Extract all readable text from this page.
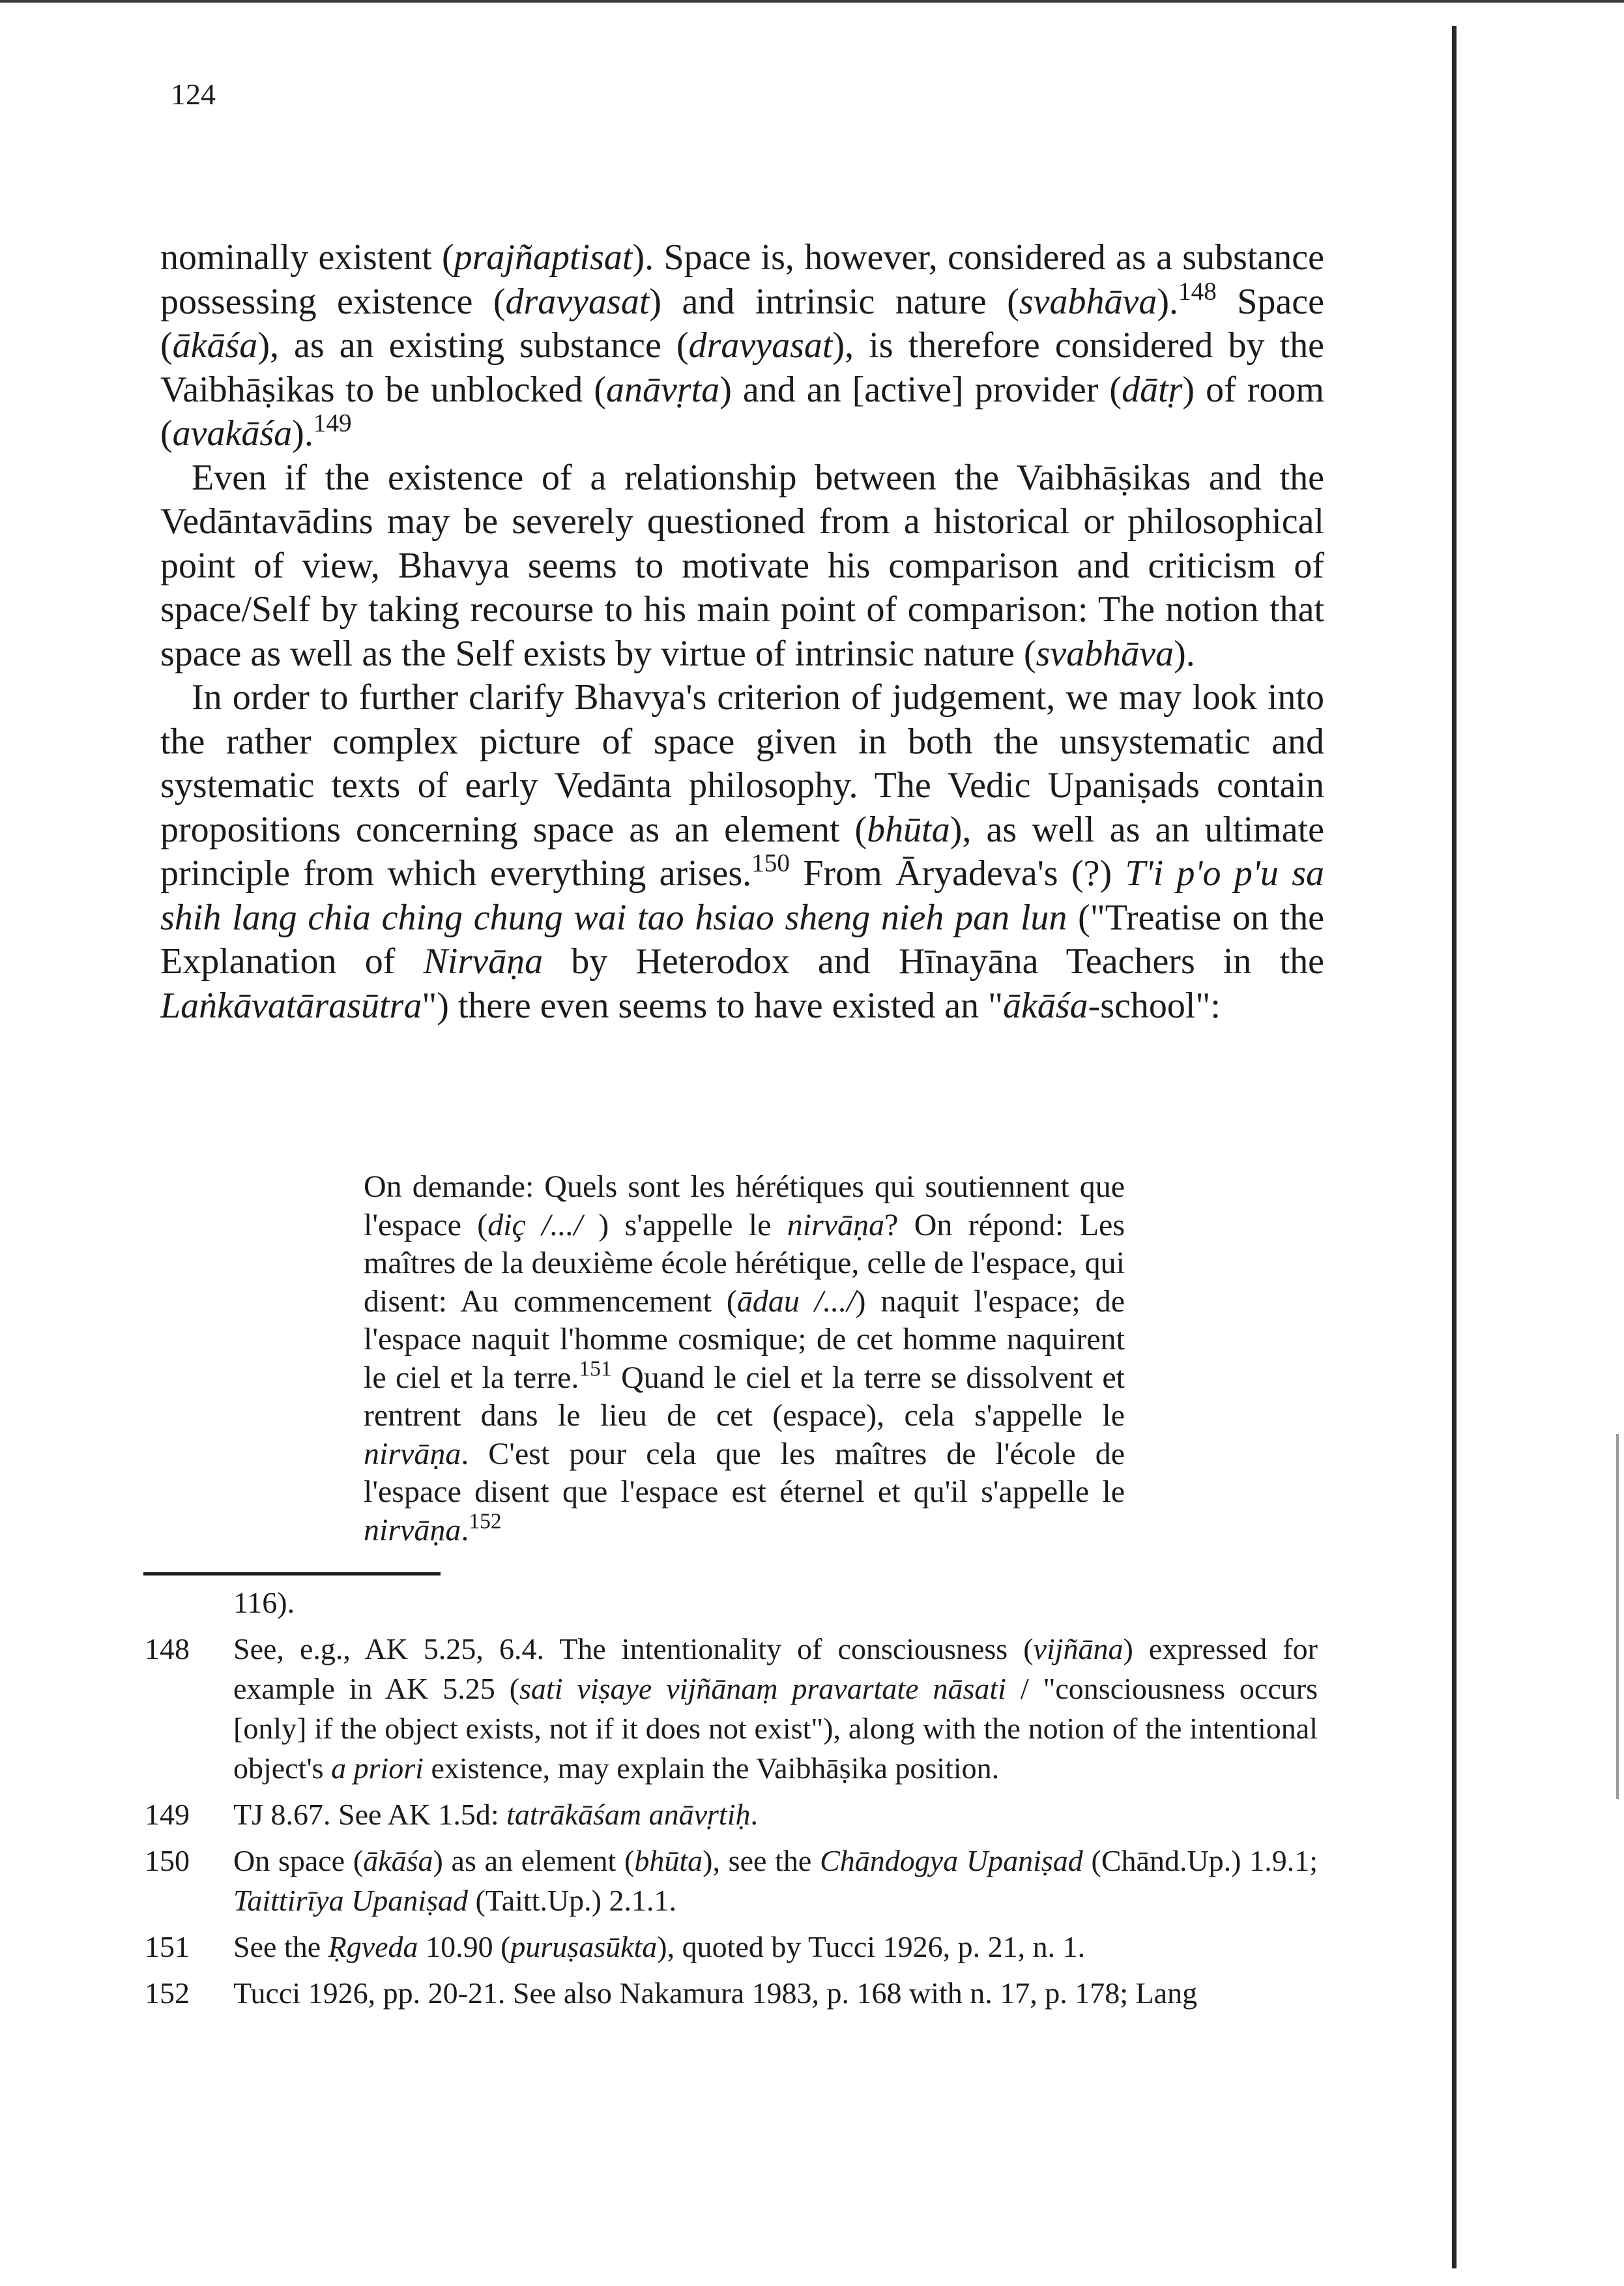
124

nominally existent (prajñaptisat). Space is, however, considered as a substance possessing existence (dravyasat) and intrinsic nature (svabhāva).$^{148}$ Space (ākāśa), as an existing substance (dravyasat), is therefore considered by the Vaibhāṣikas to be unblocked (anāvṛta) and an [active] provider (dātṛ) of room (avakāśa).$^{149}$

Even if the existence of a relationship between the Vaibhāṣikas and the Vedāntavādins may be severely questioned from a historical or philosophical point of view, Bhavya seems to motivate his comparison and criticism of space/Self by taking recourse to his main point of comparison: The notion that space as well as the Self exists by virtue of intrinsic nature (svabhāva).

In order to further clarify Bhavya's criterion of judgement, we may look into the rather complex picture of space given in both the unsystematic and systematic texts of early Vedānta philosophy. The Vedic Upaniṣads contain propositions concerning space as an element (bhūta), as well as an ultimate principle from which everything arises.$^{150}$ From Āryadeva's (?) T'i p'o p'u sa shih lang chia ching chung wai tao hsiao sheng nieh pan lun ("Treatise on the Explanation of Nirvāṇa by Heterodox and Hīnayāna Teachers in the Laṅkāvatārasūtra") there even seems to have existed an "ākāśa-school":

On demande: Quels sont les hérétiques qui soutiennent que l'espace (diç /.../ ) s'appelle le nirvāṇa? On répond: Les maîtres de la deuxième école hérétique, celle de l'espace, qui disent: Au commencement (ādau /.../) naquit l'espace; de l'espace naquit l'homme cosmique; de cet homme naquirent le ciel et la terre.$^{151}$ Quand le ciel et la terre se dissolvent et rentrent dans le lieu de cet (espace), cela s'appelle le nirvāṇa. C'est pour cela que les maîtres de l'école de l'espace disent que l'espace est éternel et qu'il s'appelle le nirvāṇa.$^{152}$
116).
148	See, e.g., AK 5.25, 6.4. The intentionality of consciousness (vijñāna) expressed for example in AK 5.25 (sati viṣaye vijñānaṃ pravartate nāsati / "consciousness occurs [only] if the object exists, not if it does not exist"), along with the notion of the intentional object's a priori existence, may explain the Vaibhāṣika position.
149	TJ 8.67. See AK 1.5d: tatrākāśam anāvṛtiḥ.
150	On space (ākāśa) as an element (bhūta), see the Chāndogya Upaniṣad (Chānd.Up.) 1.9.1; Taittirīya Upaniṣad (Taitt.Up.) 2.1.1.
151	See the Ṛgveda 10.90 (puruṣasūkta), quoted by Tucci 1926, p. 21, n. 1.
152	Tucci 1926, pp. 20-21. See also Nakamura 1983, p. 168 with n. 17, p. 178; Lang
